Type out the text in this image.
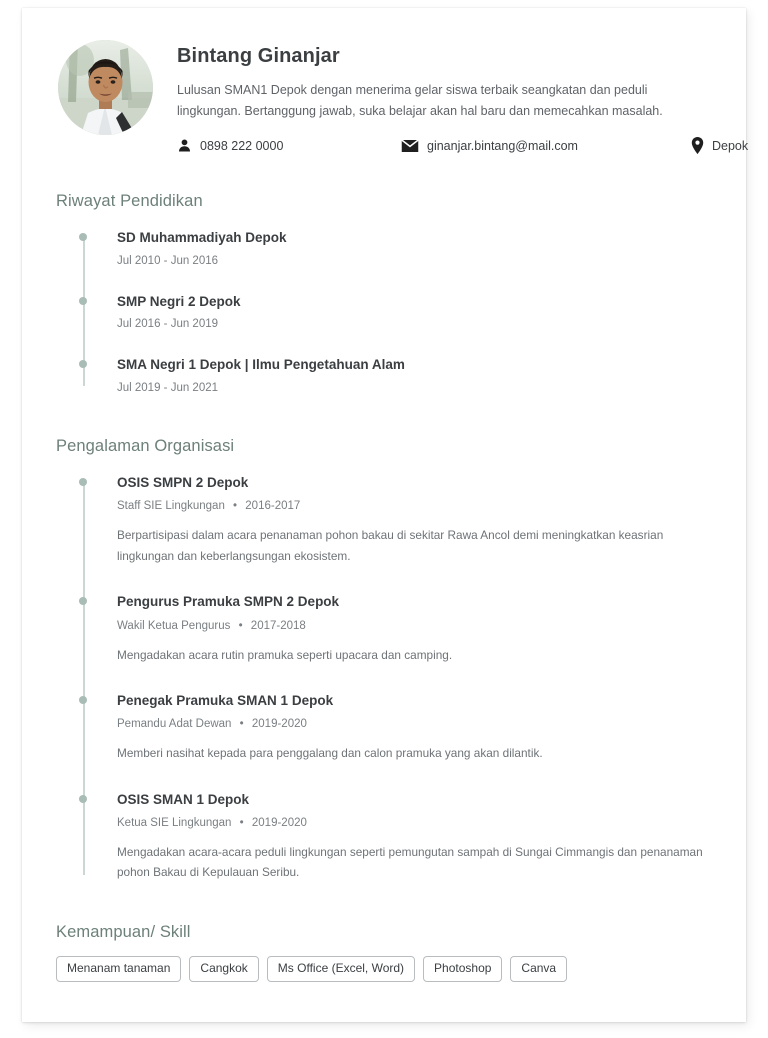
Bintang Ginanjar
Lulusan SMAN1 Depok dengan menerima gelar siswa terbaik seangkatan dan peduli lingkungan. Bertanggung jawab, suka belajar akan hal baru dan memecahkan masalah.
0898 222 0000	ginanjar.bintang@mail.com	Depok
Riwayat Pendidikan
SD Muhammadiyah Depok
Jul 2010 - Jun 2016
SMP Negri 2 Depok
Jul 2016 - Jun 2019
SMA Negri 1 Depok | Ilmu Pengetahuan Alam
Jul 2019 - Jun 2021
Pengalaman Organisasi
OSIS SMPN 2 Depok
Staff SIE Lingkungan • 2016-2017
Berpartisipasi dalam acara penanaman pohon bakau di sekitar Rawa Ancol demi meningkatkan keasrian lingkungan dan keberlangsungan ekosistem.
Pengurus Pramuka SMPN 2 Depok
Wakil Ketua Pengurus • 2017-2018
Mengadakan acara rutin pramuka seperti upacara dan camping.
Penegak Pramuka SMAN 1 Depok
Pemandu Adat Dewan • 2019-2020
Memberi nasihat kepada para penggalang dan calon pramuka yang akan dilantik.
OSIS SMAN 1 Depok
Ketua SIE Lingkungan • 2019-2020
Mengadakan acara-acara peduli lingkungan seperti pemungutan sampah di Sungai Cimmangis dan penanaman pohon Bakau di Kepulauan Seribu.
Kemampuan/ Skill
Menanam tanaman	Cangkok	Ms Office (Excel, Word)	Photoshop	Canva
